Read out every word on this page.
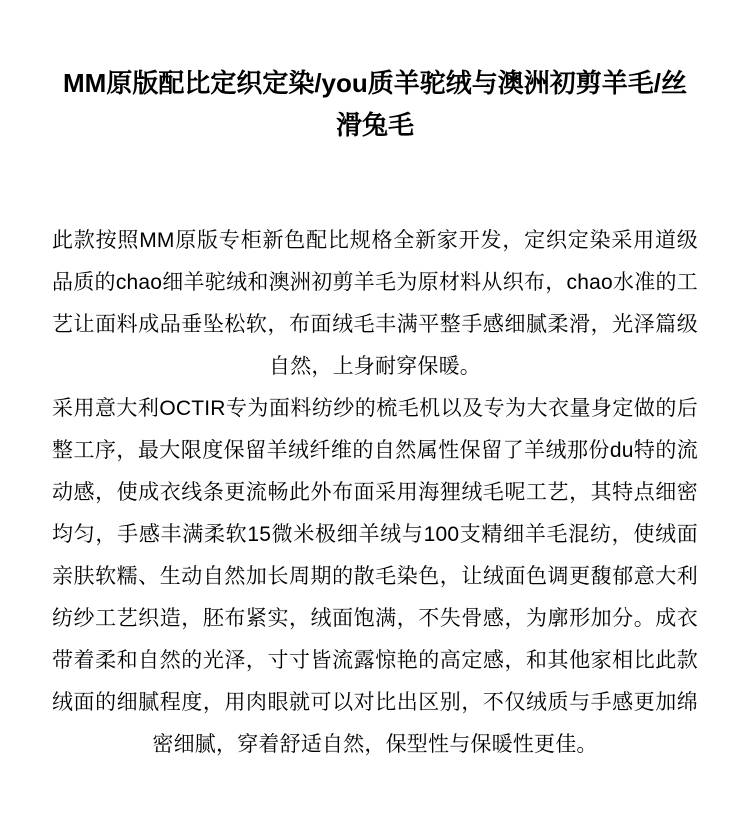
MM原版配比定织定染/you质羊驼绒与澳洲初剪羊毛/丝滑兔毛

此款按照MM原版专柜新色配比规格全新家开发，定织定染采用道级品质的chao细羊驼绒和澳洲初剪羊毛为原材料从织布，chao水准的工艺让面料成品垂坠松软，布面绒毛丰满平整手感细腻柔滑，光泽篇级自然，上身耐穿保暖。

采用意大利OCTIR专为面料纺纱的梳毛机以及专为大衣量身定做的后整工序，最大限度保留羊绒纤维的自然属性保留了羊绒那份du特的流动感，使成衣线条更流畅此外布面采用海狸绒毛呢工艺，其特点细密均匀，手感丰满柔软15微米极细羊绒与100支精细羊毛混纺，使绒面亲肤软糯、生动自然加长周期的散毛染色，让绒面色调更馥郁意大利纺纱工艺织造，胚布紧实，绒面饱满，不失骨感，为廓形加分。成衣带着柔和自然的光泽，寸寸皆流露惊艳的高定感，和其他家相比此款绒面的细腻程度，用肉眼就可以对比出区别，不仅绒质与手感更加绵密细腻，穿着舒适自然，保型性与保暖性更佳。
